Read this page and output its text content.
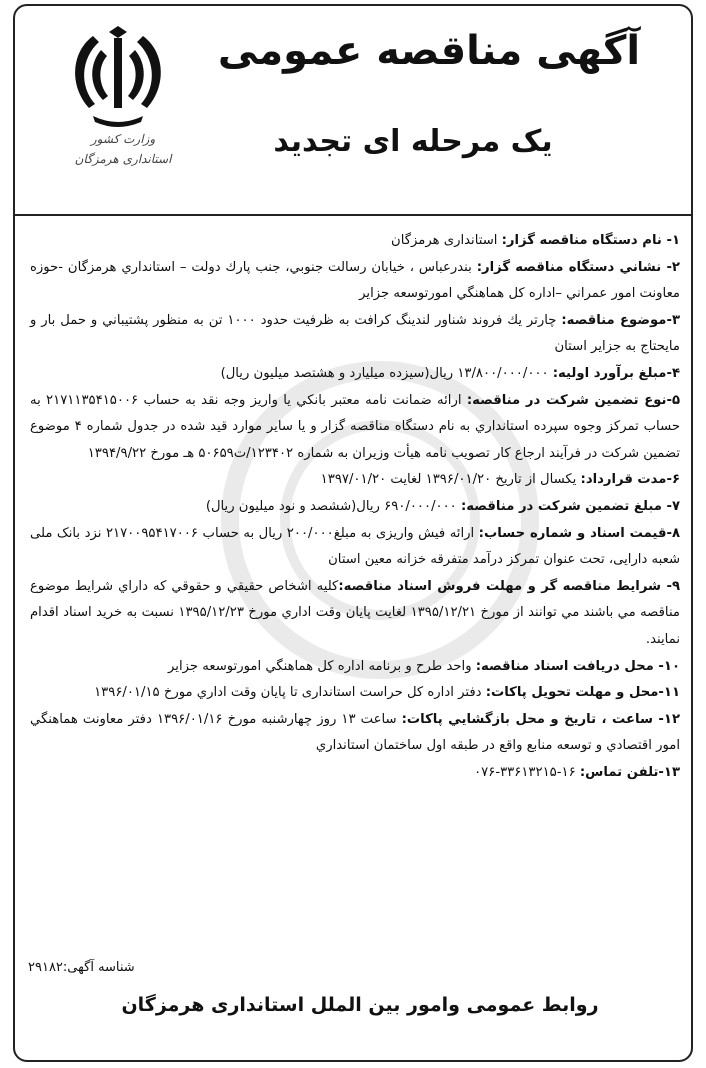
وزارت کشور
استانداری هرمزگان
آگهی مناقصه عمومی
یک مرحله ای تجدید

۱- نام دستگاه مناقصه گزار: استانداری هرمزگان

۲- نشاني دستگاه مناقصه گزار: بندرعباس ، خیابان رسالت جنوبي، جنب پارك دولت – استانداري هرمزگان -حوزه معاونت امور عمراني –اداره كل هماهنگي امورتوسعه جزاير

۳-موضوع مناقصه: چارتر يك فروند شناور لندينگ كرافت به ظرفيت حدود ۱۰۰۰ تن به منظور پشتيباني و حمل بار و مايحتاج به جزاير استان

۴-مبلغ برآورد اولیه: ۱۳/۸۰۰/۰۰۰/۰۰۰ ریال(سیزده میلیارد و هشتصد میلیون ریال)

۵-نوع تضمین شرکت در مناقصه: ارائه ضمانت نامه معتبر بانكي يا واريز وجه نقد به حساب ۲۱۷۱۱۳۵۴۱۵۰۰۶ به حساب تمرکز وجوه سپرده استانداري به نام دستگاه مناقصه گزار و يا ساير موارد قيد شده در جدول شماره ۴ موضوع تضمین شرکت در فرآیند ارجاع کار تصویب نامه هیأت وزیران به شماره ۱۲۳۴۰۲/ت۵۰۶۵۹ هـ مورخ ۱۳۹۴/۹/۲۲

۶-مدت قرارداد: یکسال از تاریخ ۱۳۹۶/۰۱/۲۰ لغایت ۱۳۹۷/۰۱/۲۰

۷- مبلغ تضمین شرکت در مناقصه: ۶۹۰/۰۰۰/۰۰۰ ریال(ششصد و نود میلیون ریال)

۸-قیمت اسناد و شماره حساب: ارائه فیش واریزی به مبلغ۲۰۰/۰۰۰ ریال به حساب ۲۱۷۰۰۹۵۴۱۷۰۰۶ نزد بانک ملی شعبه دارایی، تحت عنوان تمرکز درآمد متفرقه خزانه معین استان

۹- شرايط مناقصه گر و مهلت فروش اسناد مناقصه:كليه اشخاص حقيقي و حقوقي كه داراي شرايط موضوع مناقصه مي باشند مي توانند از مورخ ۱۳۹۵/۱۲/۲۱ لغايت پايان وقت اداري مورخ ۱۳۹۵/۱۲/۲۳ نسبت به خريد اسناد اقدام نمايند.

۱۰- محل دريافت اسناد مناقصه: واحد طرح و برنامه اداره كل هماهنگي امورتوسعه جزاير

۱۱-محل و مهلت تحويل پاكات: دفتر اداره كل حراست استانداری تا پایان وقت اداري مورخ ۱۳۹۶/۰۱/۱۵

۱۲- ساعت ، تاريخ و محل بازگشايي پاكات: ساعت ۱۳ روز چهارشنبه مورخ ۱۳۹۶/۰۱/۱۶ دفتر معاونت هماهنگي امور اقتصادي و توسعه منابع واقع در طبقه اول ساختمان استانداري

۱۳-تلفن تماس: ۱۶-۳۳۶۱۳۲۱۵-۰۷۶

شناسه آگهی:۲۹۱۸۲
روابط عمومی وامور بین الملل استانداری هرمزگان
